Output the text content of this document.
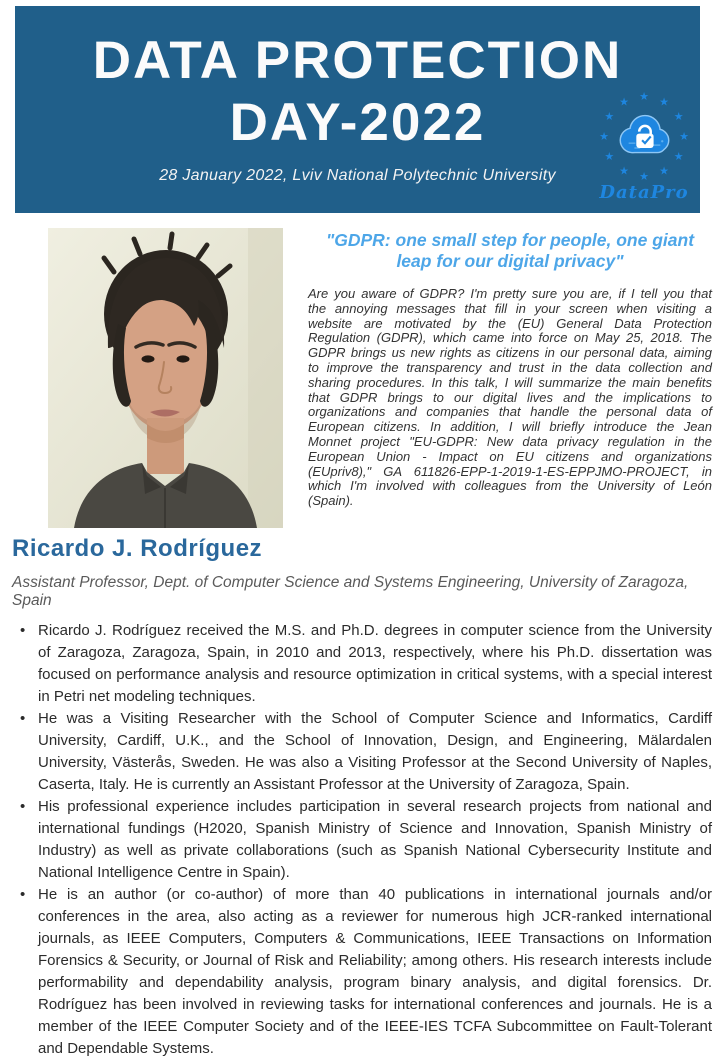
DATA PROTECTION
DAY-2022
28 January 2022, Lviv National Polytechnic University
★ ★
★
★
★
★
★
★
★
★
★
★
DataPro
"GDPR: one small step for people, one giant leap for our digital privacy"

Are you aware of GDPR? I'm pretty sure you are, if I tell you that the annoying messages that fill in your screen when visiting a website are motivated by the (EU) General Data Protection Regulation (GDPR), which came into force on May 25, 2018. The GDPR brings us new rights as citizens in our personal data, aiming to improve the transparency and trust in the data collection and sharing procedures. In this talk, I will summarize the main benefits that GDPR brings to our digital lives and the implications to organizations and companies that handle the personal data of European citizens. In addition, I will briefly introduce the Jean Monnet project "EU-GDPR: New data privacy regulation in the European Union - Impact on EU citizens and organizations (EUpriv8)," GA 611826-EPP-1-2019-1-ES-EPPJMO-PROJECT, in which I'm involved with colleagues from the University of León (Spain).

Ricardo J. Rodríguez

Assistant Professor, Dept. of Computer Science and Systems Engineering, University of Zaragoza, Spain

• Ricardo J. Rodríguez received the M.S. and Ph.D. degrees in computer science from the University of Zaragoza, Zaragoza, Spain, in 2010 and 2013, respectively, where his Ph.D. dissertation was focused on performance analysis and resource optimization in critical systems, with a special interest in Petri net modeling techniques.
• He was a Visiting Researcher with the School of Computer Science and Informatics, Cardiff University, Cardiff, U.K., and the School of Innovation, Design, and Engineering, Mälardalen University, Västerås, Sweden. He was also a Visiting Professor at the Second University of Naples, Caserta, Italy. He is currently an Assistant Professor at the University of Zaragoza, Spain.
• His professional experience includes participation in several research projects from national and international fundings (H2020, Spanish Ministry of Science and Innovation, Spanish Ministry of Industry) as well as private collaborations (such as Spanish National Cybersecurity Institute and National Intelligence Centre in Spain).
• He is an author (or co-author) of more than 40 publications in international journals and/or conferences in the area, also acting as a reviewer for numerous high JCR-ranked international journals, as IEEE Computers, Computers & Communications, IEEE Transactions on Information Forensics & Security, or Journal of Risk and Reliability; among others. His research interests include performability and dependability analysis, program binary analysis, and digital forensics. Dr. Rodríguez has been involved in reviewing tasks for international conferences and journals. He is a member of the IEEE Computer Society and of the IEEE-IES TCFA Subcommittee on Fault-Tolerant and Dependable Systems.
